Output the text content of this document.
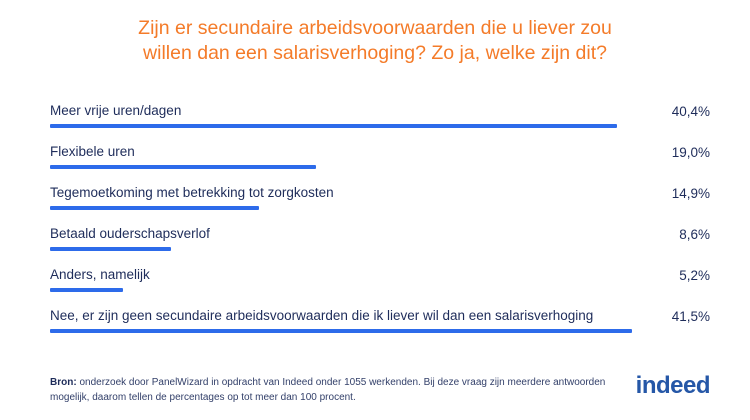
Zijn er secundaire arbeidsvoorwaarden die u liever zou
willen dan een salarisverhoging? Zo ja, welke zijn dit?
Meer vrije uren/dagen	40,4%
Flexibele uren	19,0%
Tegemoetkoming met betrekking tot zorgkosten	14,9%
Betaald ouderschapsverlof	8,6%
Anders, namelijk	5,2%
Nee, er zijn geen secundaire arbeidsvoorwaarden die ik liever wil dan een salarisverhoging	41,5%
Bron: onderzoek door PanelWizard in opdracht van Indeed onder 1055 werkenden. Bij deze vraag zijn meerdere antwoorden mogelijk, daarom tellen de percentages op tot meer dan 100 procent.	indeed
